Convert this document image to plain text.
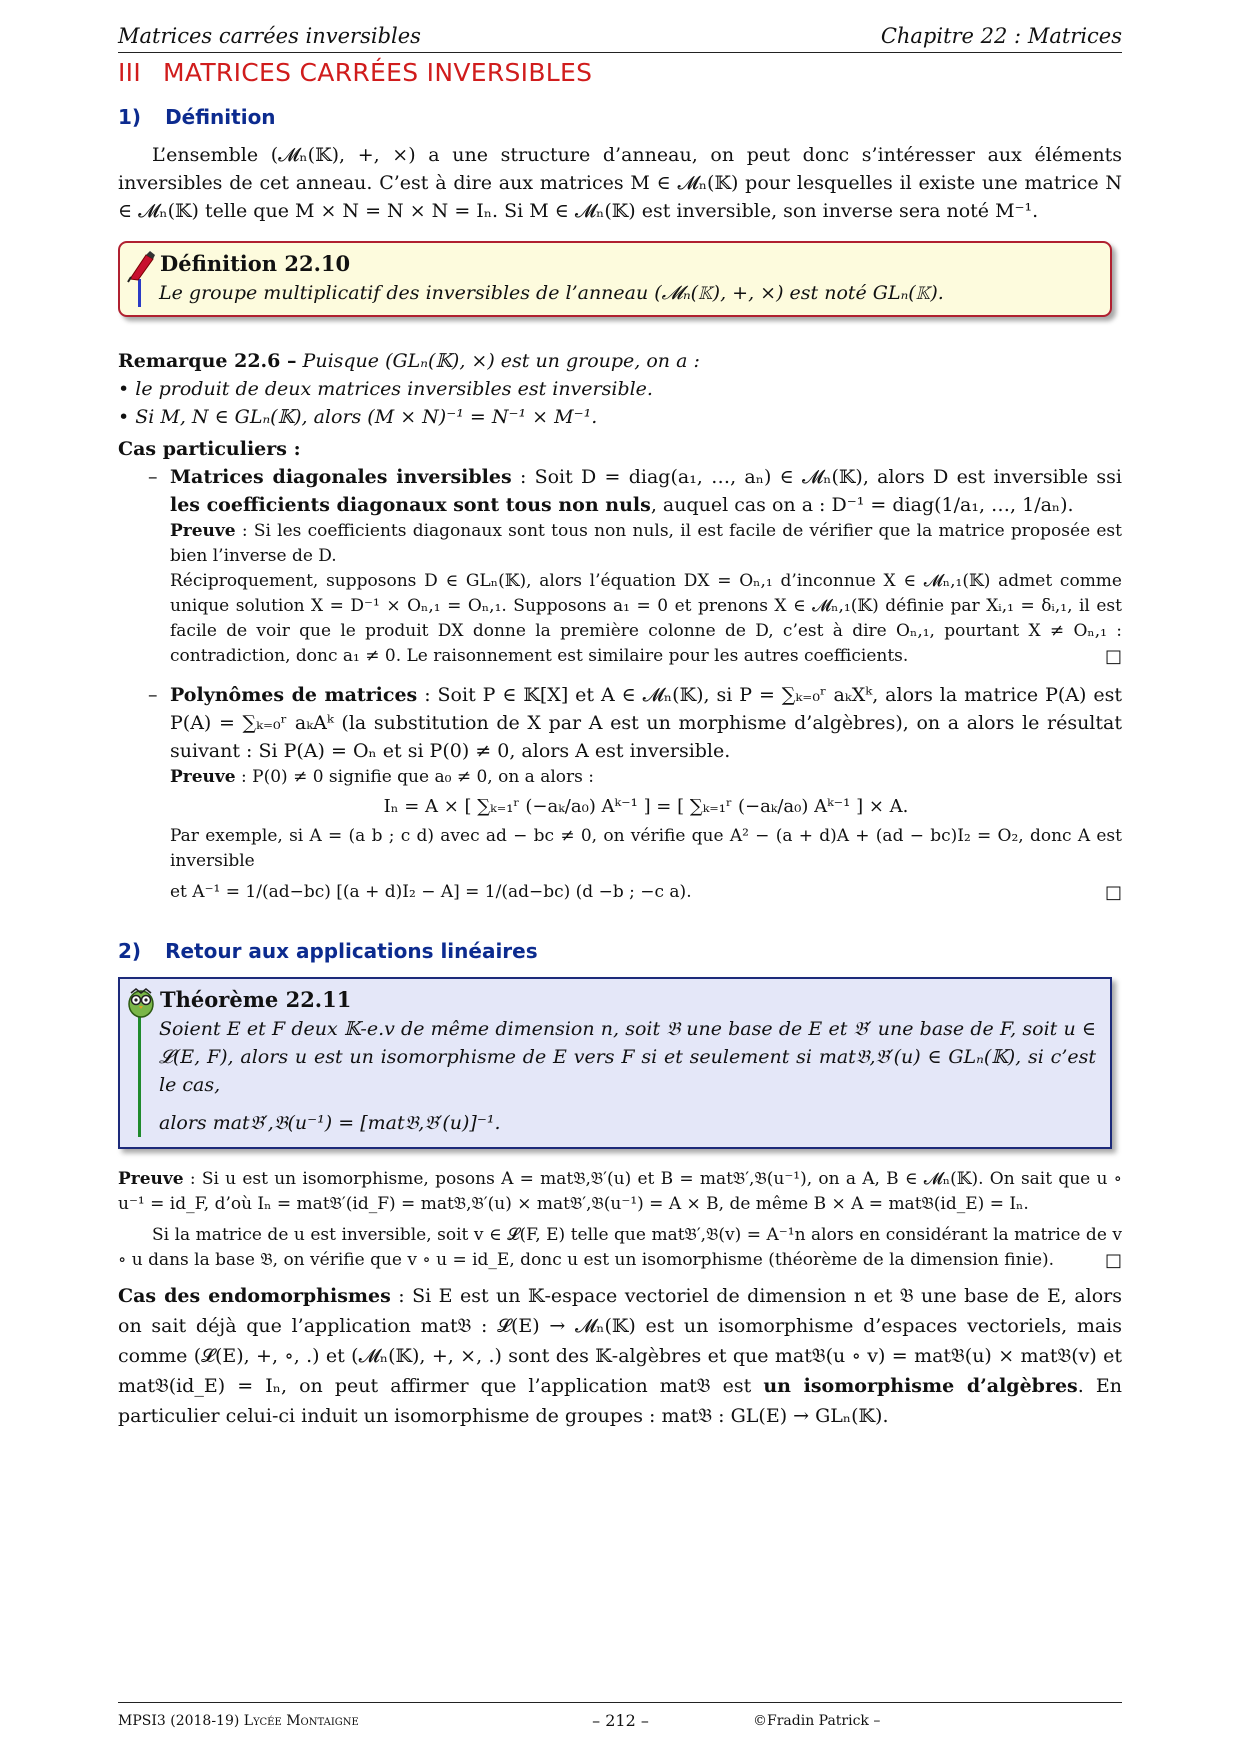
Matrices carrées inversibles	Chapitre 22 : Matrices
III MATRICES CARRÉES INVERSIBLES
1) Définition

L’ensemble (𝓜ₙ(𝕂), +, ×) a une structure d’anneau, on peut donc s’intéresser aux éléments inversibles de cet anneau. C’est à dire aux matrices M ∈ 𝓜ₙ(𝕂) pour lesquelles il existe une matrice N ∈ 𝓜ₙ(𝕂) telle que M × N = N × N = Iₙ. Si M ∈ 𝓜ₙ(𝕂) est inversible, son inverse sera noté M⁻¹.

Définition 22.10
Le groupe multiplicatif des inversibles de l’anneau (𝓜ₙ(𝕂), +, ×) est noté GLₙ(𝕂).

Remarque 22.6 – Puisque (GLₙ(𝕂), ×) est un groupe, on a :

• le produit de deux matrices inversibles est inversible.

• Si M, N ∈ GLₙ(𝕂), alors (M × N)⁻¹ = N⁻¹ × M⁻¹.

Cas particuliers :

– Matrices diagonales inversibles : Soit D = diag(a₁, …, aₙ) ∈ 𝓜ₙ(𝕂), alors D est inversible ssi les coefficients diagonaux sont tous non nuls, auquel cas on a : D⁻¹ = diag(1/a₁, …, 1/aₙ).

Preuve : Si les coefficients diagonaux sont tous non nuls, il est facile de vérifier que la matrice proposée est bien l’inverse de D.

Réciproquement, supposons D ∈ GLₙ(𝕂), alors l’équation DX = Oₙ,₁ d’inconnue X ∈ 𝓜ₙ,₁(𝕂) admet comme unique solution X = D⁻¹ × Oₙ,₁ = Oₙ,₁. Supposons a₁ = 0 et prenons X ∈ 𝓜ₙ,₁(𝕂) définie par Xᵢ,₁ = δᵢ,₁, il est facile de voir que le produit DX donne la première colonne de D, c’est à dire Oₙ,₁, pourtant X ≠ Oₙ,₁ : contradiction, donc a₁ ≠ 0. Le raisonnement est similaire pour les autres coefficients.	□

– Polynômes de matrices : Soit P ∈ 𝕂[X] et A ∈ 𝓜ₙ(𝕂), si P = ∑ₖ₌₀ʳ aₖXᵏ, alors la matrice P(A) est P(A) = ∑ₖ₌₀ʳ aₖAᵏ (la substitution de X par A est un morphisme d’algèbres), on a alors le résultat suivant : Si P(A) = Oₙ et si P(0) ≠ 0, alors A est inversible.

Preuve : P(0) ≠ 0 signifie que a₀ ≠ 0, on a alors :

Iₙ = A × [ ∑ₖ₌₁ʳ (−aₖ/a₀) Aᵏ⁻¹ ] = [ ∑ₖ₌₁ʳ (−aₖ/a₀) Aᵏ⁻¹ ] × A.

Par exemple, si A = (a b ; c d) avec ad − bc ≠ 0, on vérifie que A² − (a + d)A + (ad − bc)I₂ = O₂, donc A est inversible

et A⁻¹ = 1/(ad−bc) [(a + d)I₂ − A] = 1/(ad−bc) (d −b ; −c a).	□

2) Retour aux applications linéaires
Théorème 22.11

Soient E et F deux 𝕂-e.v de même dimension n, soit 𝔅 une base de E et 𝔅′ une base de F, soit u ∈ 𝓛(E, F), alors u est un isomorphisme de E vers F si et seulement si mat𝔅,𝔅′(u) ∈ GLₙ(𝕂), si c’est le cas,

alors mat𝔅′,𝔅(u⁻¹) = [mat𝔅,𝔅′(u)]⁻¹.

Preuve : Si u est un isomorphisme, posons A = mat𝔅,𝔅′(u) et B = mat𝔅′,𝔅(u⁻¹), on a A, B ∈ 𝓜ₙ(𝕂). On sait que u ∘ u⁻¹ = id_F, d’où Iₙ = mat𝔅′(id_F) = mat𝔅,𝔅′(u) × mat𝔅′,𝔅(u⁻¹) = A × B, de même B × A = mat𝔅(id_E) = Iₙ.

Si la matrice de u est inversible, soit v ∈ 𝓛(F, E) telle que mat𝔅′,𝔅(v) = A⁻¹n alors en considérant la matrice de v ∘ u dans la base 𝔅, on vérifie que v ∘ u = id_E, donc u est un isomorphisme (théorème de la dimension finie).	□

Cas des endomorphismes : Si E est un 𝕂-espace vectoriel de dimension n et 𝔅 une base de E, alors on sait déjà que l’application mat𝔅 : 𝓛(E) → 𝓜ₙ(𝕂) est un isomorphisme d’espaces vectoriels, mais comme (𝓛(E), +, ∘, .) et (𝓜ₙ(𝕂), +, ×, .) sont des 𝕂-algèbres et que mat𝔅(u ∘ v) = mat𝔅(u) × mat𝔅(v) et mat𝔅(id_E) = Iₙ, on peut affirmer que l’application mat𝔅 est un isomorphisme d’algèbres. En particulier celui-ci induit un isomorphisme de groupes : mat𝔅 : GL(E) → GLₙ(𝕂).

MPSI3 (2018-19) Lycée Montaigne	– 212 –	©Fradin Patrick –
